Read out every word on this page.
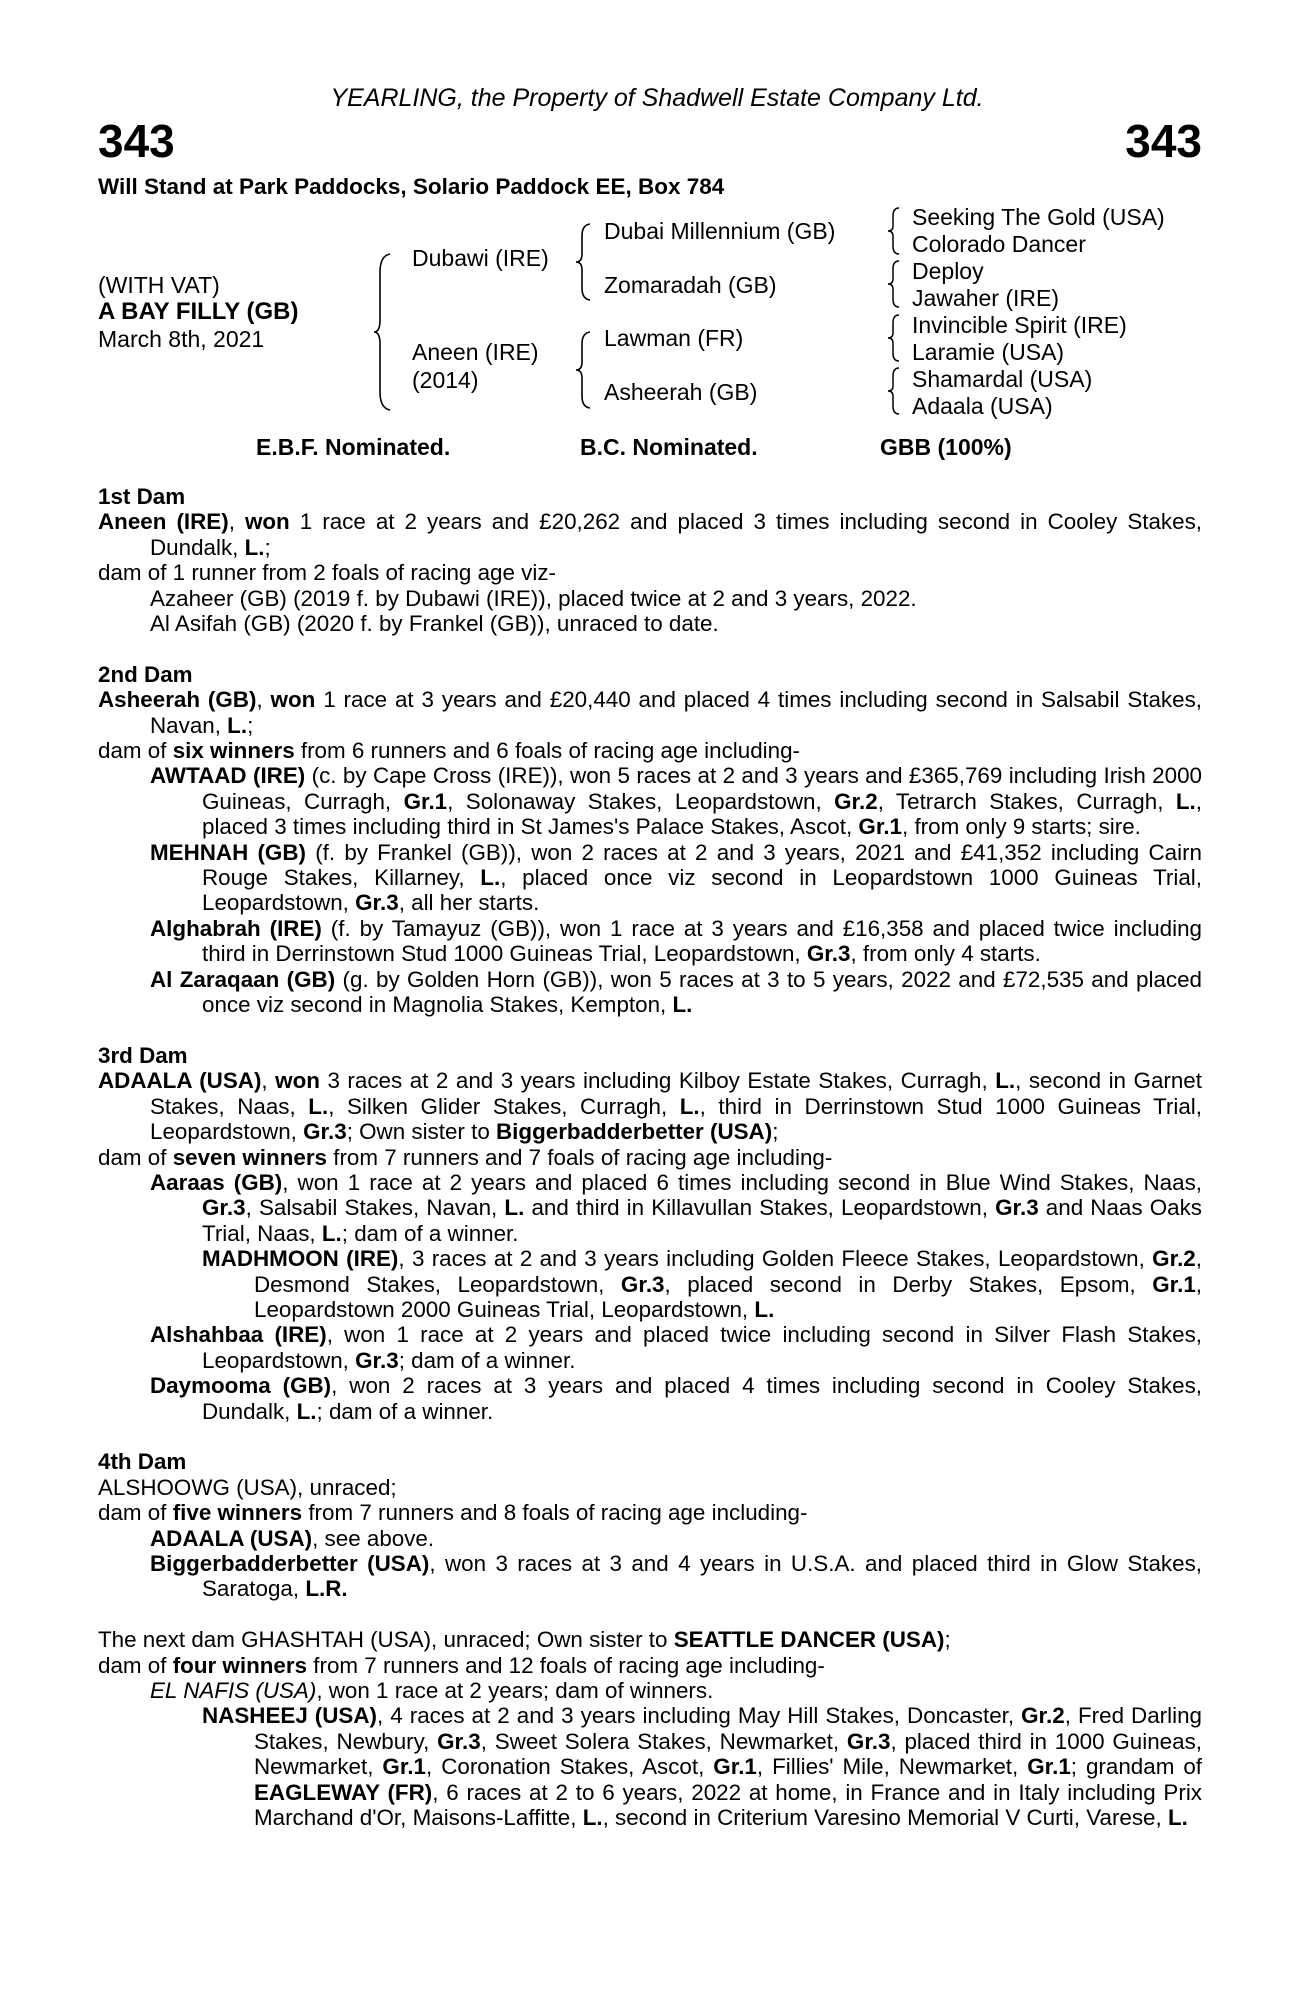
YEARLING, the Property of Shadwell Estate Company Ltd.
343	343
Will Stand at Park Paddocks, Solario Paddock EE, Box 784
(WITH VAT)
A BAY FILLY (GB)
March 8th, 2021
Dubawi (IRE)
Aneen (IRE)
(2014)
Dubai Millennium (GB)
Zomaradah (GB)
Lawman (FR)
Asheerah (GB)
Seeking The Gold (USA)
Colorado Dancer
Deploy
Jawaher (IRE)
Invincible Spirit (IRE)
Laramie (USA)
Shamardal (USA)
Adaala (USA)
E.B.F. Nominated.	B.C. Nominated.	GBB (100%)
1st Dam
Aneen (IRE), won 1 race at 2 years and £20,262 and placed 3 times including second in Cooley Stakes, Dundalk, L.;
dam of 1 runner from 2 foals of racing age viz-
Azaheer (GB) (2019 f. by Dubawi (IRE)), placed twice at 2 and 3 years, 2022.
Al Asifah (GB) (2020 f. by Frankel (GB)), unraced to date.
2nd Dam
Asheerah (GB), won 1 race at 3 years and £20,440 and placed 4 times including second in Salsabil Stakes, Navan, L.;
dam of six winners from 6 runners and 6 foals of racing age including-
AWTAAD (IRE) (c. by Cape Cross (IRE)), won 5 races at 2 and 3 years and £365,769 including Irish 2000 Guineas, Curragh, Gr.1, Solonaway Stakes, Leopardstown, Gr.2, Tetrarch Stakes, Curragh, L., placed 3 times including third in St James's Palace Stakes, Ascot, Gr.1, from only 9 starts; sire.
MEHNAH (GB) (f. by Frankel (GB)), won 2 races at 2 and 3 years, 2021 and £41,352 including Cairn Rouge Stakes, Killarney, L., placed once viz second in Leopardstown 1000 Guineas Trial, Leopardstown, Gr.3, all her starts.
Alghabrah (IRE) (f. by Tamayuz (GB)), won 1 race at 3 years and £16,358 and placed twice including third in Derrinstown Stud 1000 Guineas Trial, Leopardstown, Gr.3, from only 4 starts.
Al Zaraqaan (GB) (g. by Golden Horn (GB)), won 5 races at 3 to 5 years, 2022 and £72,535 and placed once viz second in Magnolia Stakes, Kempton, L.
3rd Dam
ADAALA (USA), won 3 races at 2 and 3 years including Kilboy Estate Stakes, Curragh, L., second in Garnet Stakes, Naas, L., Silken Glider Stakes, Curragh, L., third in Derrinstown Stud 1000 Guineas Trial, Leopardstown, Gr.3; Own sister to Biggerbadderbetter (USA);
dam of seven winners from 7 runners and 7 foals of racing age including-
Aaraas (GB), won 1 race at 2 years and placed 6 times including second in Blue Wind Stakes, Naas, Gr.3, Salsabil Stakes, Navan, L. and third in Killavullan Stakes, Leopardstown, Gr.3 and Naas Oaks Trial, Naas, L.; dam of a winner.
MADHMOON (IRE), 3 races at 2 and 3 years including Golden Fleece Stakes, Leopardstown, Gr.2, Desmond Stakes, Leopardstown, Gr.3, placed second in Derby Stakes, Epsom, Gr.1, Leopardstown 2000 Guineas Trial, Leopardstown, L.
Alshahbaa (IRE), won 1 race at 2 years and placed twice including second in Silver Flash Stakes, Leopardstown, Gr.3; dam of a winner.
Daymooma (GB), won 2 races at 3 years and placed 4 times including second in Cooley Stakes, Dundalk, L.; dam of a winner.
4th Dam
ALSHOOWG (USA), unraced;
dam of five winners from 7 runners and 8 foals of racing age including-
ADAALA (USA), see above.
Biggerbadderbetter (USA), won 3 races at 3 and 4 years in U.S.A. and placed third in Glow Stakes, Saratoga, L.R.
The next dam GHASHTAH (USA), unraced; Own sister to SEATTLE DANCER (USA);
dam of four winners from 7 runners and 12 foals of racing age including-
EL NAFIS (USA), won 1 race at 2 years; dam of winners.
NASHEEJ (USA), 4 races at 2 and 3 years including May Hill Stakes, Doncaster, Gr.2, Fred Darling Stakes, Newbury, Gr.3, Sweet Solera Stakes, Newmarket, Gr.3, placed third in 1000 Guineas, Newmarket, Gr.1, Coronation Stakes, Ascot, Gr.1, Fillies' Mile, Newmarket, Gr.1; grandam of EAGLEWAY (FR), 6 races at 2 to 6 years, 2022 at home, in France and in Italy including Prix Marchand d'Or, Maisons-Laffitte, L., second in Criterium Varesino Memorial V Curti, Varese, L.
